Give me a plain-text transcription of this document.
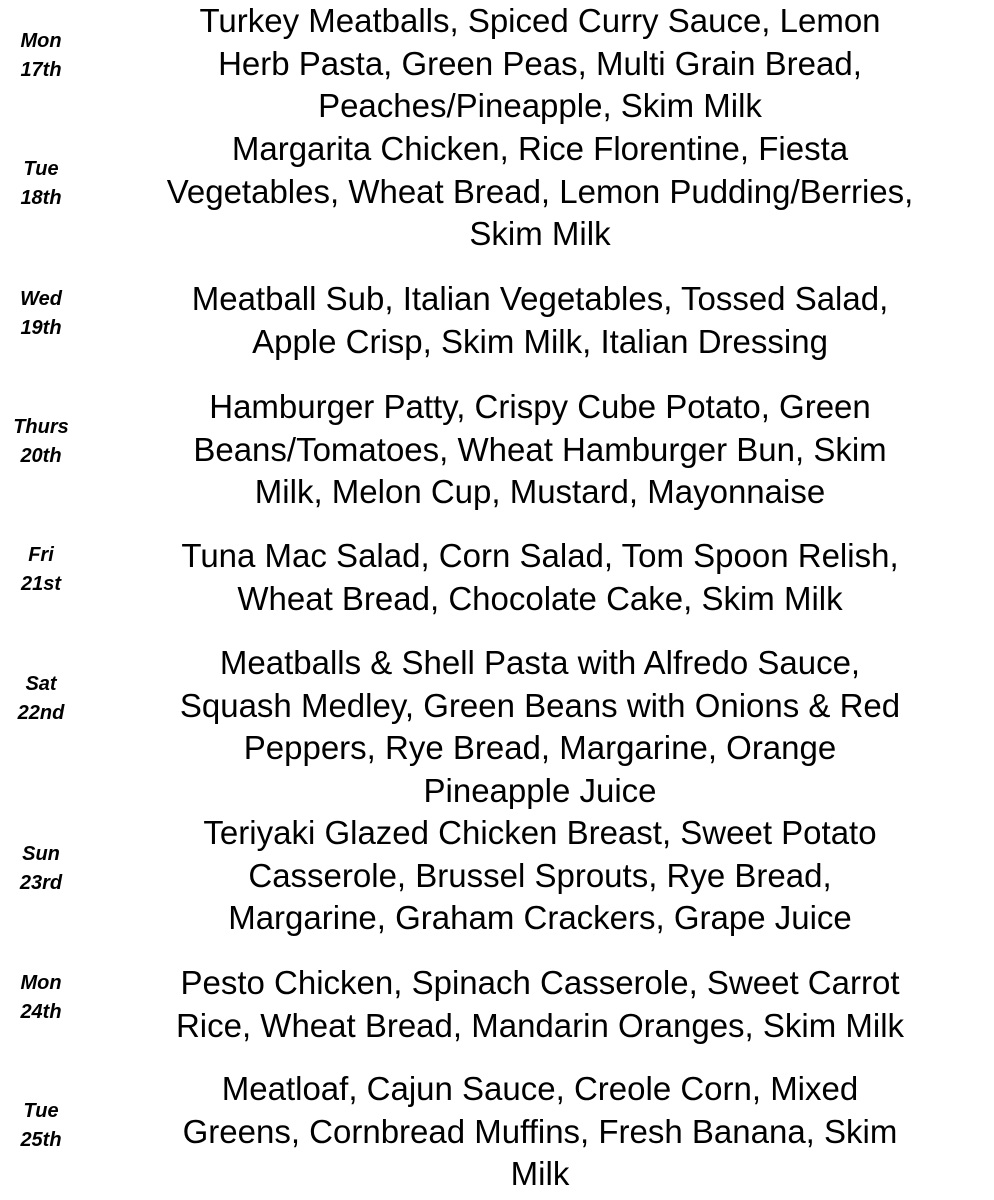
Mon
17th
Turkey Meatballs, Spiced Curry Sauce, Lemon
Herb Pasta, Green Peas, Multi Grain Bread,
Peaches/Pineapple, Skim Milk
Tue
18th
Margarita Chicken, Rice Florentine, Fiesta
Vegetables, Wheat Bread, Lemon Pudding/Berries,
Skim Milk
Wed
19th
Meatball Sub, Italian Vegetables, Tossed Salad,
Apple Crisp, Skim Milk, Italian Dressing
Thurs
20th
Hamburger Patty, Crispy Cube Potato, Green
Beans/Tomatoes, Wheat Hamburger Bun, Skim
Milk, Melon Cup, Mustard, Mayonnaise
Fri
21st
Tuna Mac Salad, Corn Salad, Tom Spoon Relish,
Wheat Bread, Chocolate Cake, Skim Milk
Sat
22nd
Meatballs & Shell Pasta with Alfredo Sauce,
Squash Medley, Green Beans with Onions & Red
Peppers, Rye Bread, Margarine, Orange
Pineapple Juice
Sun
23rd
Teriyaki Glazed Chicken Breast, Sweet Potato
Casserole, Brussel Sprouts, Rye Bread,
Margarine, Graham Crackers, Grape Juice
Mon
24th
Pesto Chicken, Spinach Casserole, Sweet Carrot
Rice, Wheat Bread, Mandarin Oranges, Skim Milk
Tue
25th
Meatloaf, Cajun Sauce, Creole Corn, Mixed
Greens, Cornbread Muffins, Fresh Banana, Skim
Milk
